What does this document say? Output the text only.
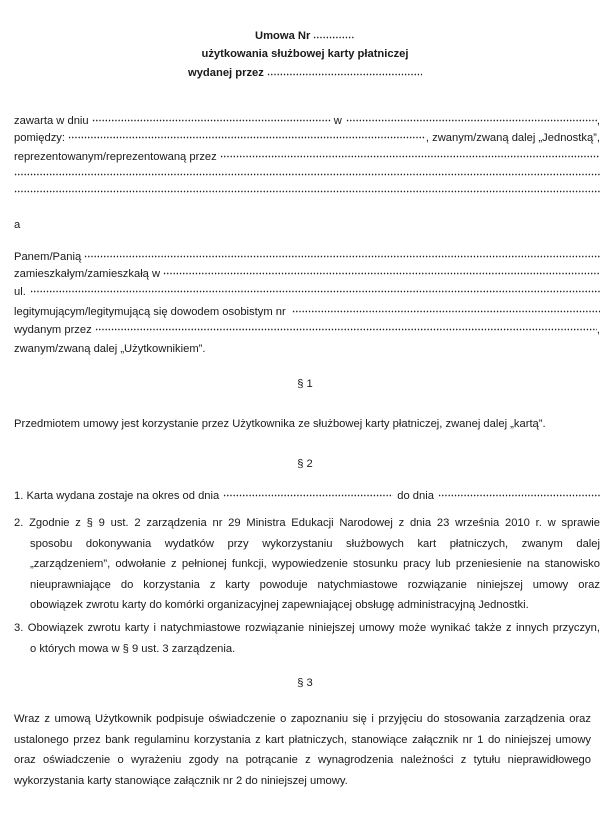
Umowa Nr
użytkowania służbowej karty płatniczej
wydanej przez
zawarta w dniu	w	,
pomiędzy:	, zwanym/zwaną dalej „Jednostką”,
reprezentowanym/reprezentowaną przez
a
Panem/Panią
zamieszkałym/zamieszkałą w
ul.
legitymującym/legitymującą się dowodem osobistym nr
wydanym przez	,
zwanym/zwaną dalej „Użytkownikiem”.
§ 1
Przedmiotem umowy jest korzystanie przez Użytkownika ze służbowej karty płatniczej, zwanej dalej „kartą”.
§ 2
1. Karta wydana zostaje na okres od dnia	do dnia
2. Zgodnie z § 9 ust. 2 zarządzenia nr 29 Ministra Edukacji Narodowej z dnia 23 września 2010 r. w sprawie
sposobu dokonywania wydatków przy wykorzystaniu służbowych kart płatniczych, zwanym dalej
„zarządzeniem”, odwołanie z pełnionej funkcji, wypowiedzenie stosunku pracy lub przeniesienie na stanowisko
nieuprawniające do korzystania z karty powoduje natychmiastowe rozwiązanie niniejszej umowy oraz
obowiązek zwrotu karty do komórki organizacyjnej zapewniającej obsługę administracyjną Jednostki.
3. Obowiązek zwrotu karty i natychmiastowe rozwiązanie niniejszej umowy może wynikać także z innych przyczyn,
o których mowa w § 9 ust. 3 zarządzenia.
§ 3
Wraz z umową Użytkownik podpisuje oświadczenie o zapoznaniu się i przyjęciu do stosowania zarządzenia oraz
ustalonego przez bank regulaminu korzystania z kart płatniczych, stanowiące załącznik nr 1 do niniejszej umowy
oraz oświadczenie o wyrażeniu zgody na potrącanie z wynagrodzenia należności z tytułu nieprawidłowego
wykorzystania karty stanowiące załącznik nr 2 do niniejszej umowy.
